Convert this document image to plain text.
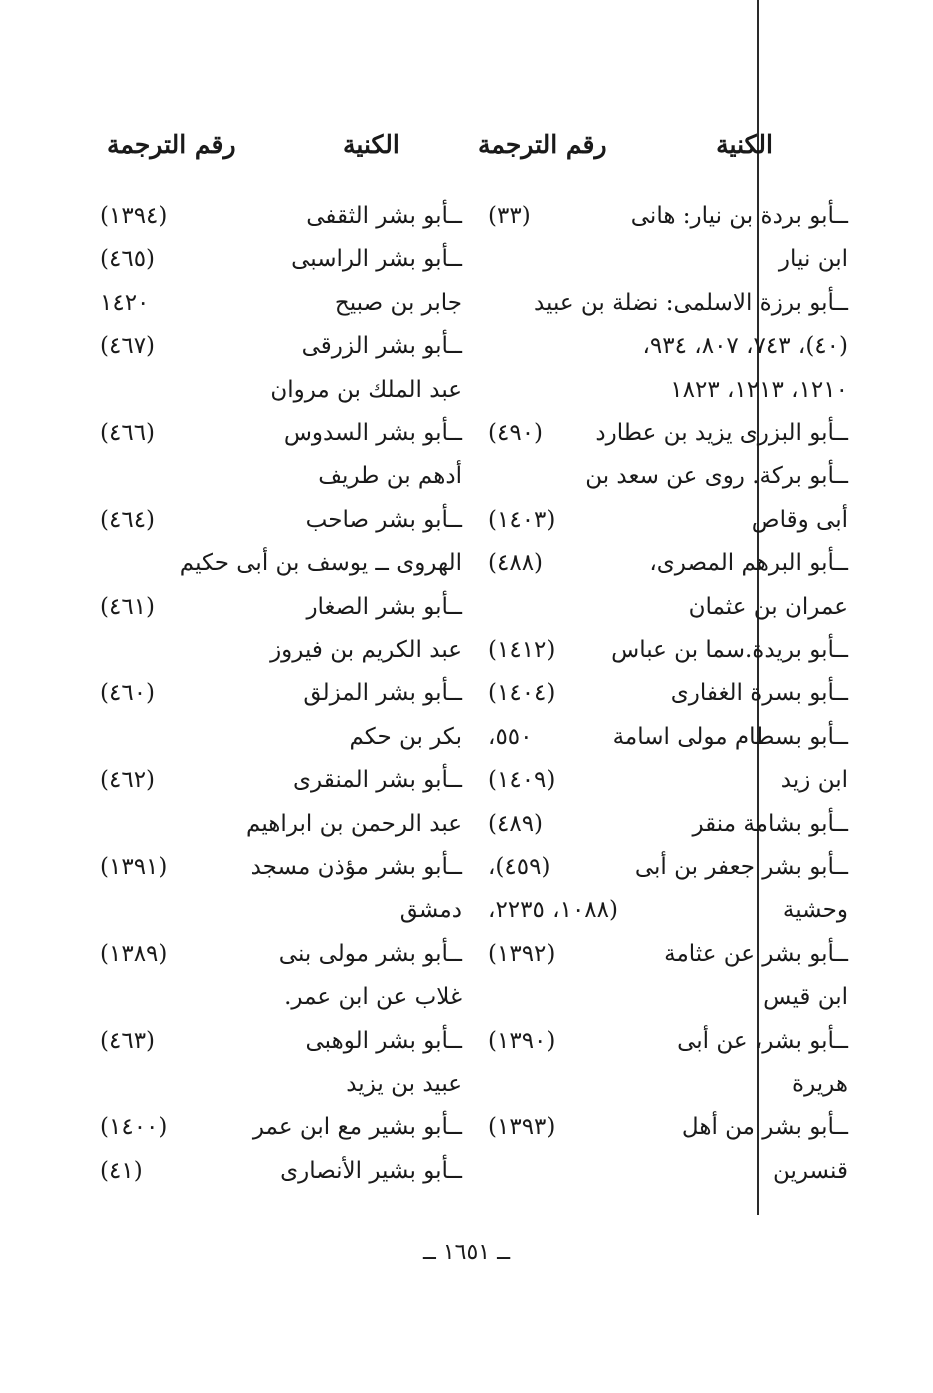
الكنية
رقم الترجمة
الكنية
رقم الترجمة
ــأبو بردة بن نيار: هانى
(٣٣)
ابن نيار
ــأبو برزة الاسلمى: نضلة بن عبيد
(٤٠)، ٧٤٣، ٨٠٧، ٩٣٤،
١٢١٠، ١٢١٣، ١٨٢٣
ــأبو البزرى يزيد بن عطارد
(٤٩٠)
ــأبو بركة. روى عن سعد بن
أبى وقاص
(١٤٠٣)
ــأبو البرهم المصرى،
(٤٨٨)
عمران بن عثمان
ــأبو بريدة.سما بن عباس
(١٤١٢)
ــأبو بسرة الغفارى
(١٤٠٤)
ــأبو بسطام مولى اسامة
٥٥٠،
ابن زيد
(١٤٠٩)
ــأبو بشامة منقر
(٤٨٩)
ــأبو بشر جعفر بن أبى
(٤٥٩)،
وحشية
(١٠٨٨، ٢٢٣٥،
ــأبو بشر عن عثامة
(١٣٩٢)
ابن قيس
ــأبو بشر، عن أبى
(١٣٩٠)
هريرة
ــأبو بشر من أهل
(١٣٩٣)
قنسرين
ــأبو بشر الثقفى
(١٣٩٤)
ــأبو بشر الراسبى
(٤٦٥)
جابر بن صبيح
١٤٢٠
ــأبو بشر الزرقى
(٤٦٧)
عبد الملك بن مروان
ــأبو بشر السدوس
(٤٦٦)
أدهم بن طريف
ــأبو بشر صاحب
(٤٦٤)
الهروى ــ يوسف بن أبى حكيم
ــأبو بشر الصغار
(٤٦١)
عبد الكريم بن فيروز
ــأبو بشر المزلق
(٤٦٠)
بكر بن حكم
ــأبو بشر المنقرى
(٤٦٢)
عبد الرحمن بن ابراهيم
ــأبو بشر مؤذن مسجد
(١٣٩١)
دمشق
ــأبو بشر مولى بنى
(١٣٨٩)
غلاب عن ابن عمر.
ــأبو بشر الوهبى
(٤٦٣)
عبيد بن يزيد
ــأبو بشير مع ابن عمر
(١٤٠٠)
ــأبو بشير الأنصارى
(٤١)
ــ ١٦٥١ ــ
